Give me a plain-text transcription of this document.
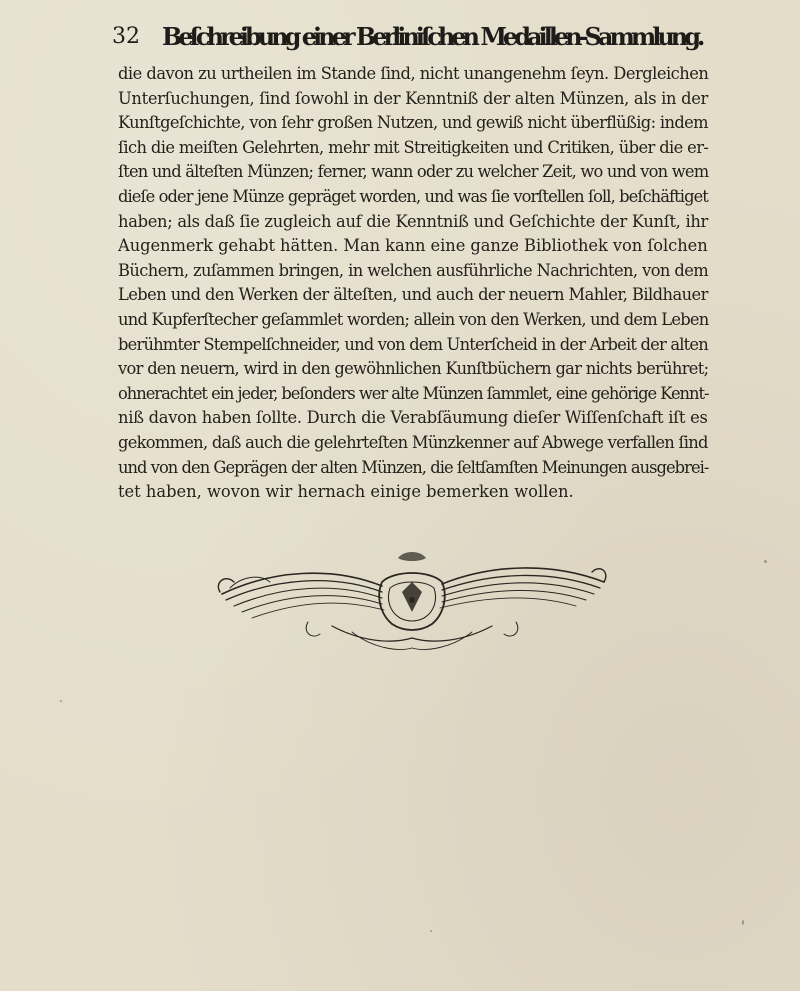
32 Beſchreibung einer Berliniſchen Medaillen-Sammlung.
die davon zu urtheilen im Stande ſind, nicht unangenehm ſeyn. Dergleichen
Unterſuchungen, ſind ſowohl in der Kenntniß der alten Münzen, als in der
Kunſtgeſchichte, von ſehr großen Nutzen, und gewiß nicht überflüßig: indem
ſich die meiſten Gelehrten, mehr mit Streitigkeiten und Critiken, über die er-
ſten und älteſten Münzen; ferner, wann oder zu welcher Zeit, wo und von wem
dieſe oder jene Münze gepräget worden, und was ſie vorſtellen ſoll, beſchäftiget
haben; als daß ſie zugleich auf die Kenntniß und Geſchichte der Kunſt, ihr
Augenmerk gehabt hätten. Man kann eine ganze Bibliothek von ſolchen
Büchern, zuſammen bringen, in welchen ausführliche Nachrichten, von dem
Leben und den Werken der älteſten, und auch der neuern Mahler, Bildhauer
und Kupferſtecher geſammlet worden; allein von den Werken, und dem Leben
berühmter Stempelſchneider, und von dem Unterſcheid in der Arbeit der alten
vor den neuern, wird in den gewöhnlichen Kunſtbüchern gar nichts berühret;
ohnerachtet ein jeder, beſonders wer alte Münzen ſammlet, eine gehörige Kennt-
niß davon haben ſollte. Durch die Verabſäumung dieſer Wiſſenſchaft iſt es
gekommen, daß auch die gelehrteſten Münzkenner auf Abwege verfallen ſind
und von den Geprägen der alten Münzen, die ſeltſamſten Meinungen ausgebrei-
tet haben, wovon wir hernach einige bemerken wollen.
